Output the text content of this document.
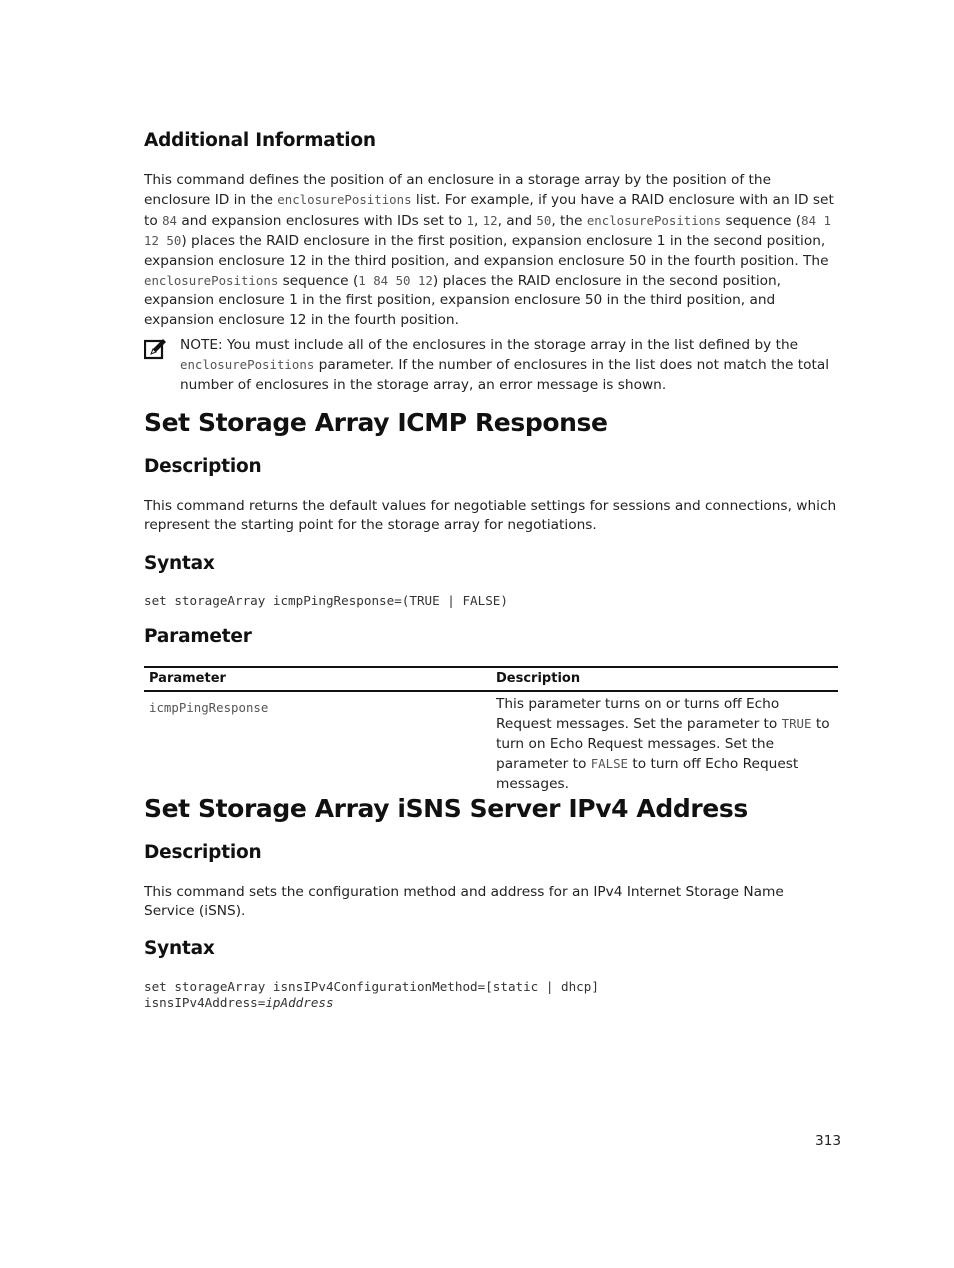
Additional Information

This command defines the position of an enclosure in a storage array by the position of the enclosure ID in the enclosurePositions list. For example, if you have a RAID enclosure with an ID set to 84 and expansion enclosures with IDs set to 1, 12, and 50, the enclosurePositions sequence (84 1 12 50) places the RAID enclosure in the first position, expansion enclosure 1 in the second position, expansion enclosure 12 in the third position, and expansion enclosure 50 in the fourth position. The enclosurePositions sequence (1 84 50 12) places the RAID enclosure in the second position, expansion enclosure 1 in the first position, expansion enclosure 50 in the third position, and expansion enclosure 12 in the fourth position.

NOTE: You must include all of the enclosures in the storage array in the list defined by the enclosurePositions parameter. If the number of enclosures in the list does not match the total number of enclosures in the storage array, an error message is shown.

Set Storage Array ICMP Response
Description

This command returns the default values for negotiable settings for sessions and connections, which represent the starting point for the storage array for negotiations.

Syntax
set storageArray icmpPingResponse=(TRUE | FALSE)
Parameter
Parameter	Description
icmpPingResponse	This parameter turns on or turns off Echo Request messages. Set the parameter to TRUE to turn on Echo Request messages. Set the parameter to FALSE to turn off Echo Request messages.
Set Storage Array iSNS Server IPv4 Address
Description

This command sets the configuration method and address for an IPv4 Internet Storage Name Service (iSNS).

Syntax
set storageArray isnsIPv4ConfigurationMethod=[static | dhcp]
isnsIPv4Address=ipAddress
313
